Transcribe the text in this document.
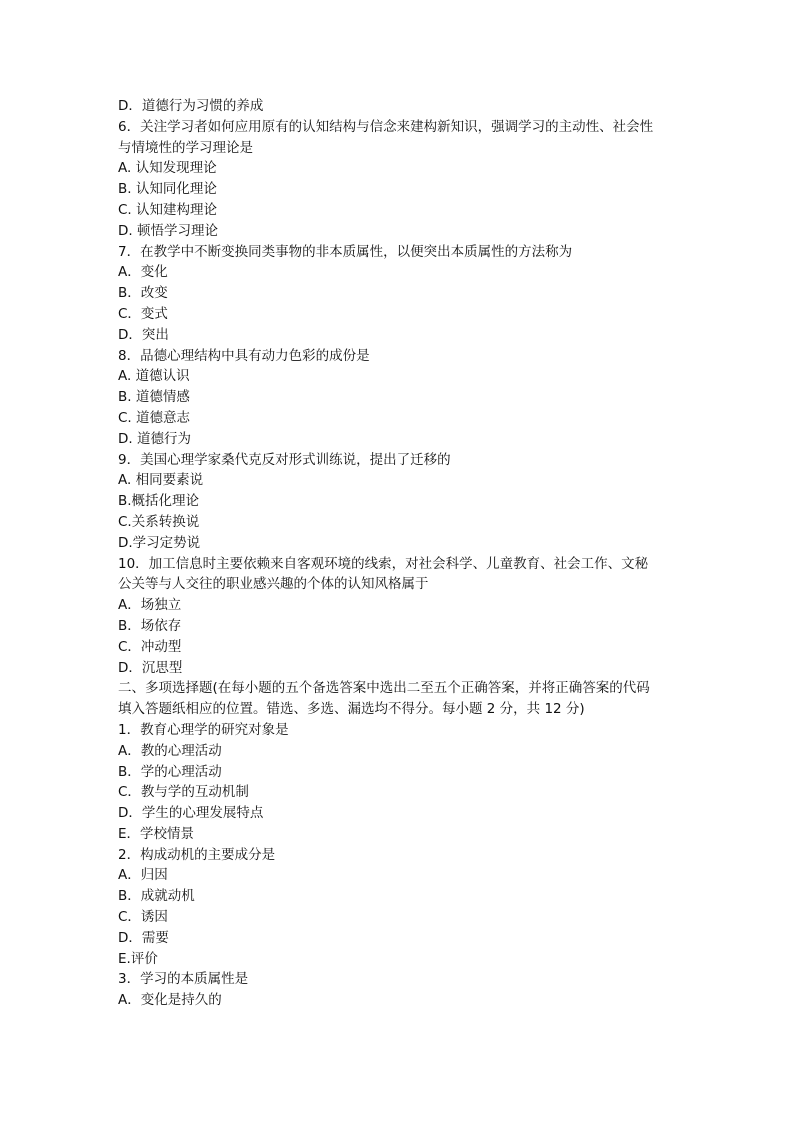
D．道德行为习惯的养成
6．关注学习者如何应用原有的认知结构与信念来建构新知识，强调学习的主动性、社会性
与情境性的学习理论是
A. 认知发现理论
B. 认知同化理论
C. 认知建构理论
D. 顿悟学习理论
7．在教学中不断变换同类事物的非本质属性，以便突出本质属性的方法称为
A．变化
B．改变
C．变式
D．突出
8．品德心理结构中具有动力色彩的成份是
A. 道德认识
B. 道德情感
C. 道德意志
D. 道德行为
9．美国心理学家桑代克反对形式训练说，提出了迁移的
A. 相同要素说
B.概括化理论
C.关系转换说
D.学习定势说
10．加工信息时主要依赖来自客观环境的线索，对社会科学、儿童教育、社会工作、文秘
公关等与人交往的职业感兴趣的个体的认知风格属于
A．场独立
B．场依存
C．冲动型
D．沉思型
二、多项选择题(在每小题的五个备选答案中选出二至五个正确答案，并将正确答案的代码
填入答题纸相应的位置。错选、多选、漏选均不得分。每小题 2 分，共 12 分)
1．教育心理学的研究对象是
A．教的心理活动
B．学的心理活动
C．教与学的互动机制
D．学生的心理发展特点
E．学校情景
2．构成动机的主要成分是
A．归因
B．成就动机
C．诱因
D．需要
E.评价
3．学习的本质属性是
A．变化是持久的
